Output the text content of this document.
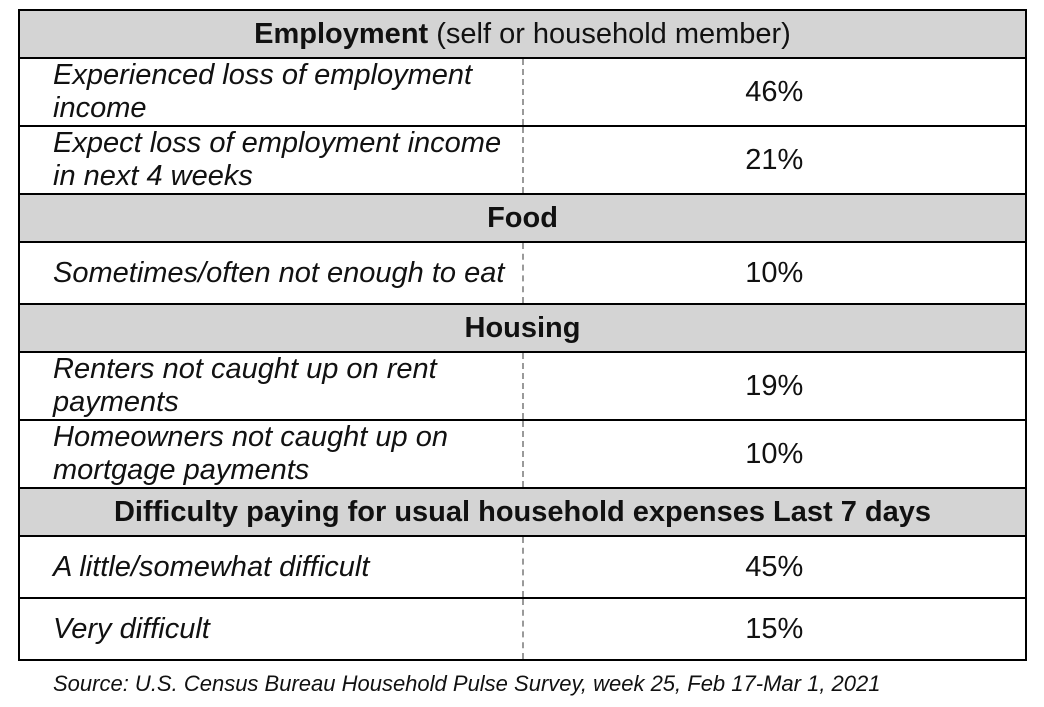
Employment (self or household member)	
Experienced loss of employment income	46%
Expect loss of employment income in next 4 weeks	21%
Food	
Sometimes/often not enough to eat	10%
Housing	
Renters not caught up on rent payments	19%
Homeowners not caught up on mortgage payments	10%
Difficulty paying for usual household expenses Last 7 days	
A little/somewhat difficult	45%
Very difficult	15%
Source: U.S. Census Bureau Household Pulse Survey, week 25, Feb 17-Mar 1, 2021
